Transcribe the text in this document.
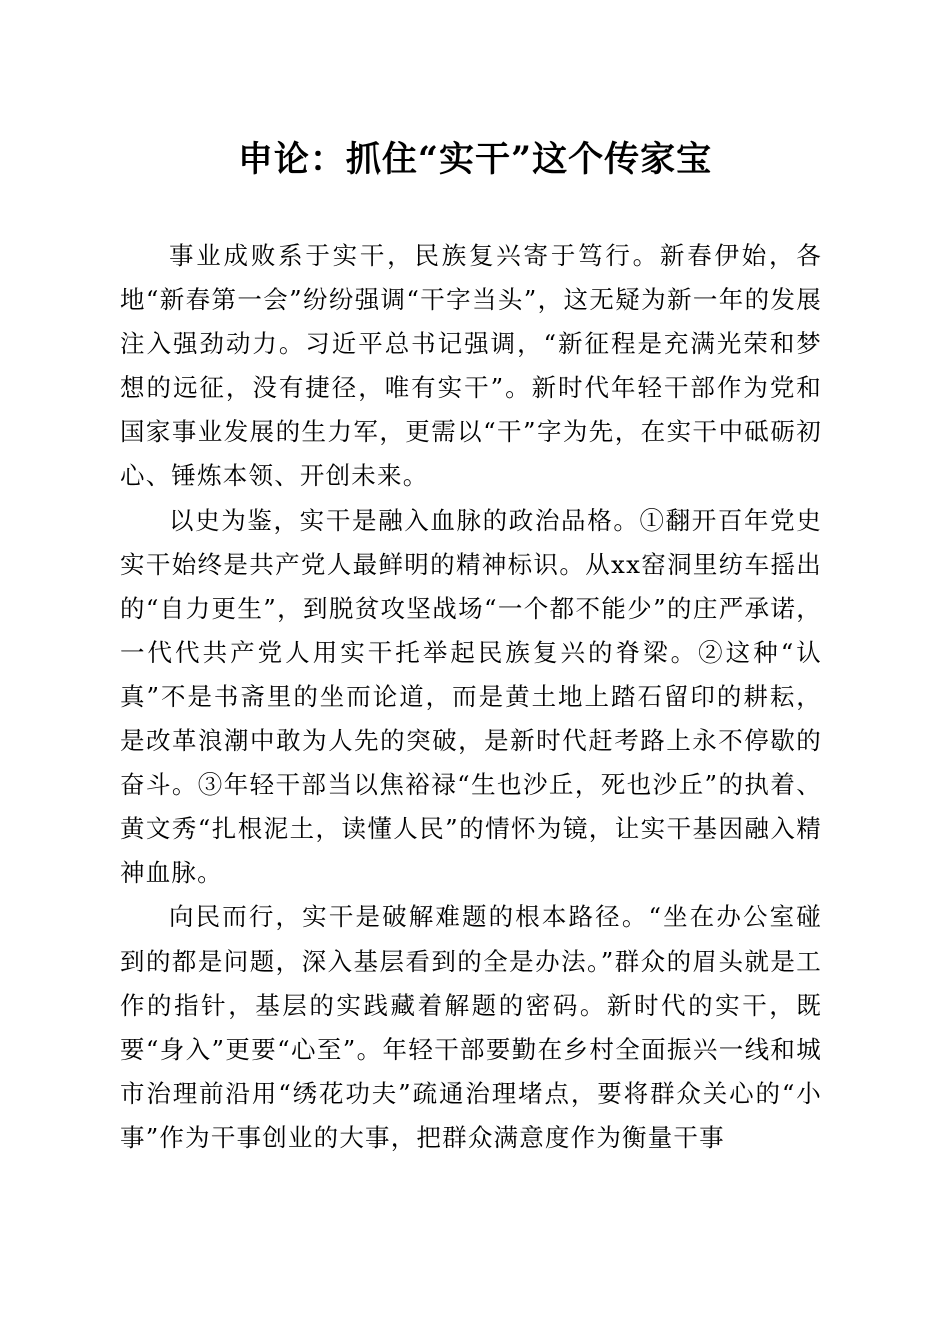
申论：抓住“实干”这个传家宝

事业成败系于实干，民族复兴寄于笃行。新春伊始，各地“新春第一会”纷纷强调“干字当头”，这无疑为新一年的发展注入强劲动力。习近平总书记强调，“新征程是充满光荣和梦想的远征，没有捷径，唯有实干”。新时代年轻干部作为党和国家事业发展的生力军，更需以“干”字为先，在实干中砥砺初心、锤炼本领、开创未来。

以史为鉴，实干是融入血脉的政治品格。①翻开百年党史实干始终是共产党人最鲜明的精神标识。从xx窑洞里纺车摇出的“自力更生”，到脱贫攻坚战场“一个都不能少”的庄严承诺，一代代共产党人用实干托举起民族复兴的脊梁。②这种“认真”不是书斋里的坐而论道，而是黄土地上踏石留印的耕耘，是改革浪潮中敢为人先的突破，是新时代赶考路上永不停歇的奋斗。③年轻干部当以焦裕禄“生也沙丘，死也沙丘”的执着、黄文秀“扎根泥土，读懂人民”的情怀为镜，让实干基因融入精神血脉。

向民而行，实干是破解难题的根本路径。“坐在办公室碰到的都是问题，深入基层看到的全是办法。”群众的眉头就是工作的指针，基层的实践藏着解题的密码。新时代的实干，既要“身入”更要“心至”。年轻干部要勤在乡村全面振兴一线和城市治理前沿用“绣花功夫”疏通治理堵点，要将群众关心的“小事”作为干事创业的大事，把群众满意度作为衡量干事
